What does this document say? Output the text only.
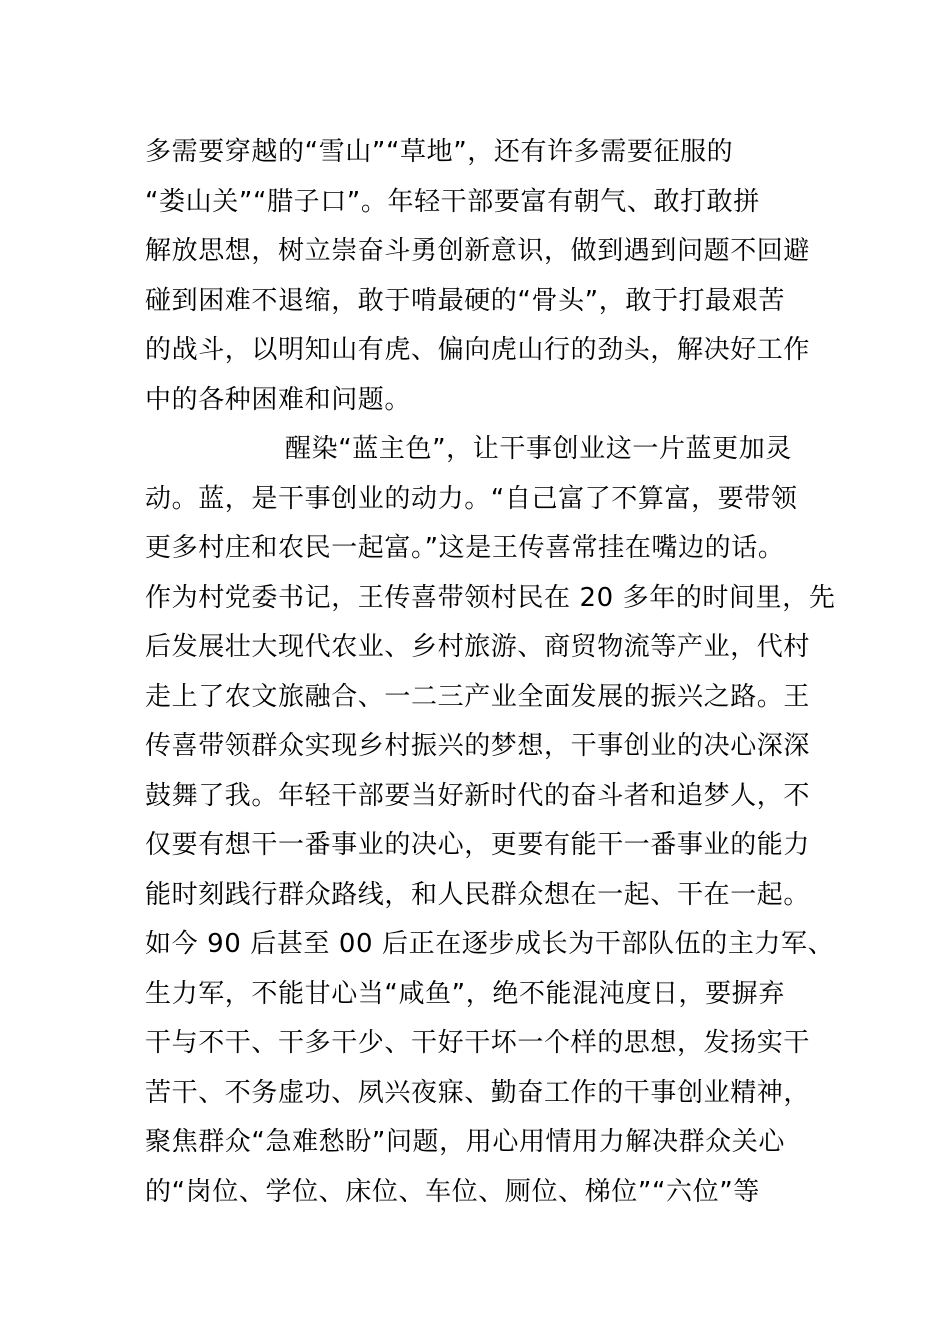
多需要穿越的“雪山”“草地”，还有许多需要征服的
“娄山关”“腊子口”。年轻干部要富有朝气、敢打敢拼
解放思想，树立崇奋斗勇创新意识，做到遇到问题不回避
碰到困难不退缩，敢于啃最硬的“骨头”，敢于打最艰苦
的战斗，以明知山有虎、偏向虎山行的劲头，解决好工作
中的各种困难和问题。
醒染“蓝主色”，让干事创业这一片蓝更加灵
动。蓝，是干事创业的动力。“自己富了不算富，要带领
更多村庄和农民一起富。”这是王传喜常挂在嘴边的话。
作为村党委书记，王传喜带领村民在 20 多年的时间里，先
后发展壮大现代农业、乡村旅游、商贸物流等产业，代村
走上了农文旅融合、一二三产业全面发展的振兴之路。王
传喜带领群众实现乡村振兴的梦想，干事创业的决心深深
鼓舞了我。年轻干部要当好新时代的奋斗者和追梦人，不
仅要有想干一番事业的决心，更要有能干一番事业的能力
能时刻践行群众路线，和人民群众想在一起、干在一起。
如今 90 后甚至 00 后正在逐步成长为干部队伍的主力军、
生力军，不能甘心当“咸鱼”，绝不能混沌度日，要摒弃
干与不干、干多干少、干好干坏一个样的思想，发扬实干
苦干、不务虚功、夙兴夜寐、勤奋工作的干事创业精神，
聚焦群众“急难愁盼”问题，用心用情用力解决群众关心
的“岗位、学位、床位、车位、厕位、梯位”“六位”等
